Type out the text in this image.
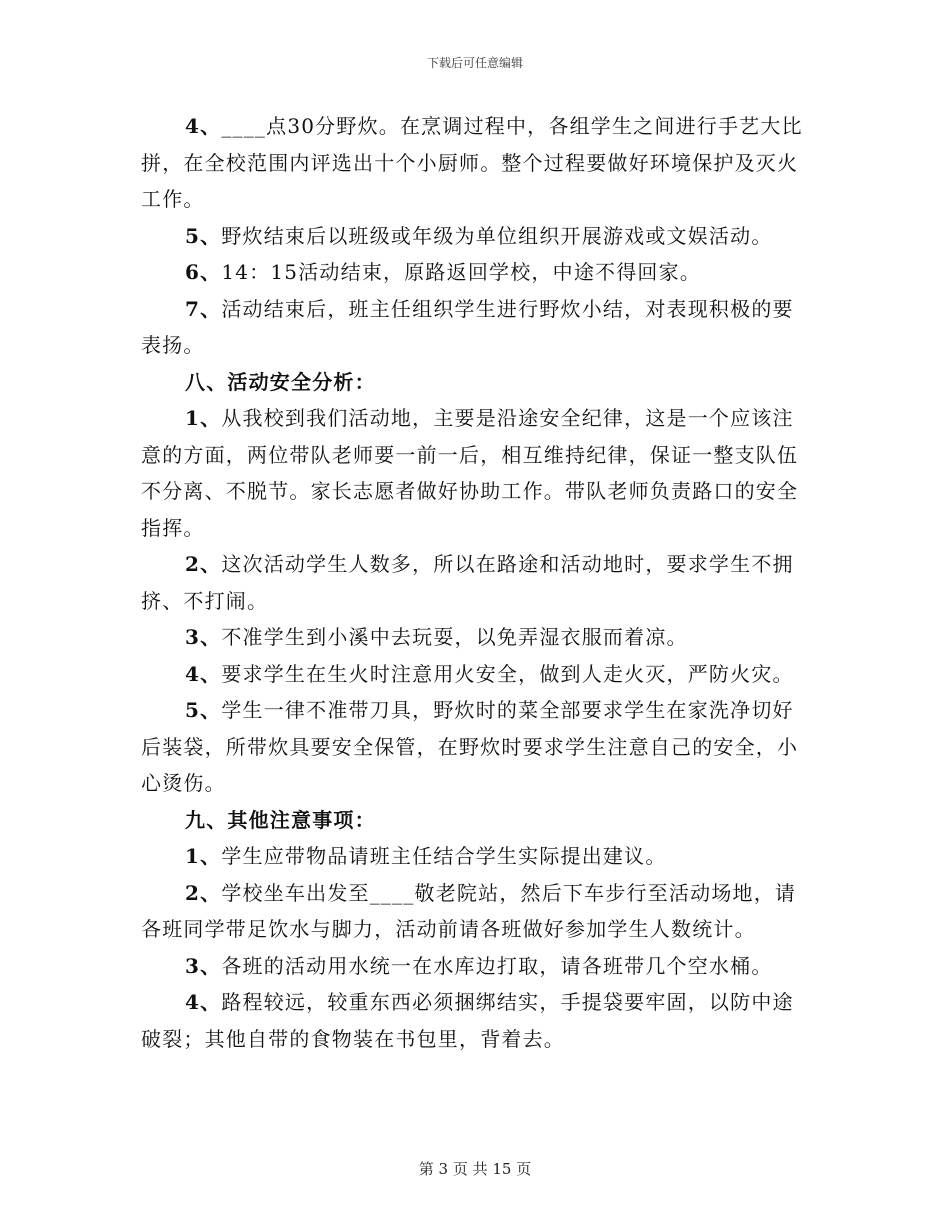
下载后可任意编辑

4、____点30分野炊。在烹调过程中，各组学生之间进行手艺大比拼，在全校范围内评选出十个小厨师。整个过程要做好环境保护及灭火工作。

5、野炊结束后以班级或年级为单位组织开展游戏或文娱活动。

6、14：15活动结束，原路返回学校，中途不得回家。

7、活动结束后，班主任组织学生进行野炊小结，对表现积极的要表扬。

八、活动安全分析：

1、从我校到我们活动地，主要是沿途安全纪律，这是一个应该注意的方面，两位带队老师要一前一后，相互维持纪律，保证一整支队伍不分离、不脱节。家长志愿者做好协助工作。带队老师负责路口的安全指挥。

2、这次活动学生人数多，所以在路途和活动地时，要求学生不拥挤、不打闹。

3、不准学生到小溪中去玩耍，以免弄湿衣服而着凉。

4、要求学生在生火时注意用火安全，做到人走火灭，严防火灾。

5、学生一律不准带刀具，野炊时的菜全部要求学生在家洗净切好后装袋，所带炊具要安全保管，在野炊时要求学生注意自己的安全，小心烫伤。

九、其他注意事项：

1、学生应带物品请班主任结合学生实际提出建议。

2、学校坐车出发至____敬老院站，然后下车步行至活动场地，请各班同学带足饮水与脚力，活动前请各班做好参加学生人数统计。

3、各班的活动用水统一在水库边打取，请各班带几个空水桶。

4、路程较远，较重东西必须捆绑结实，手提袋要牢固，以防中途破裂；其他自带的食物装在书包里，背着去。

第 3 页 共 15 页
